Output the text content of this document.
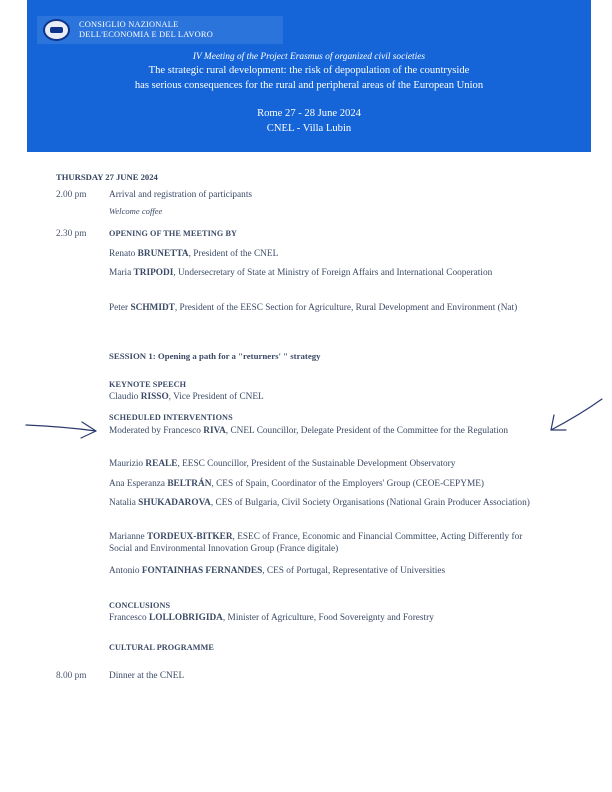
CONSIGLIO NAZIONALE
DELL'ECONOMIA E DEL LAVORO
IV Meeting of the Project Erasmus of organized civil societies
The strategic rural development: the risk of depopulation of the countryside
has serious consequences for the rural and peripheral areas of the European Union
Rome 27 - 28 June 2024
CNEL - Villa Lubin
THURSDAY 27 JUNE 2024
2.00 pm Arrival and registration of participants
Welcome coffee
2.30 pm	OPENING OF THE MEETING BY
Renato BRUNETTA, President of the CNEL
Maria TRIPODI, Undersecretary of State at Ministry of Foreign Affairs and International Cooperation
Peter SCHMIDT, President of the EESC Section for Agriculture, Rural Development and Environment (Nat)
SESSION 1: Opening a path for a "returners' " strategy
KEYNOTE SPEECH
Claudio RISSO, Vice President of CNEL
SCHEDULED INTERVENTIONS
Moderated by Francesco RIVA, CNEL Councillor, Delegate President of the Committee for the Regulation
Maurizio REALE, EESC Councillor, President of the Sustainable Development Observatory
Ana Esperanza BELTRÁN, CES of Spain, Coordinator of the Employers' Group (CEOE-CEPYME)
Natalia SHUKADAROVA, CES of Bulgaria, Civil Society Organisations (National Grain Producer Association)
Marianne TORDEUX-BITKER, ESEC of France, Economic and Financial Committee, Acting Differently for Social and Environmental Innovation Group (France digitale)
Antonio FONTAINHAS FERNANDES, CES of Portugal, Representative of Universities
CONCLUSIONS
Francesco LOLLOBRIGIDA, Minister of Agriculture, Food Sovereignty and Forestry
CULTURAL PROGRAMME
8.00 pm Dinner at the CNEL
